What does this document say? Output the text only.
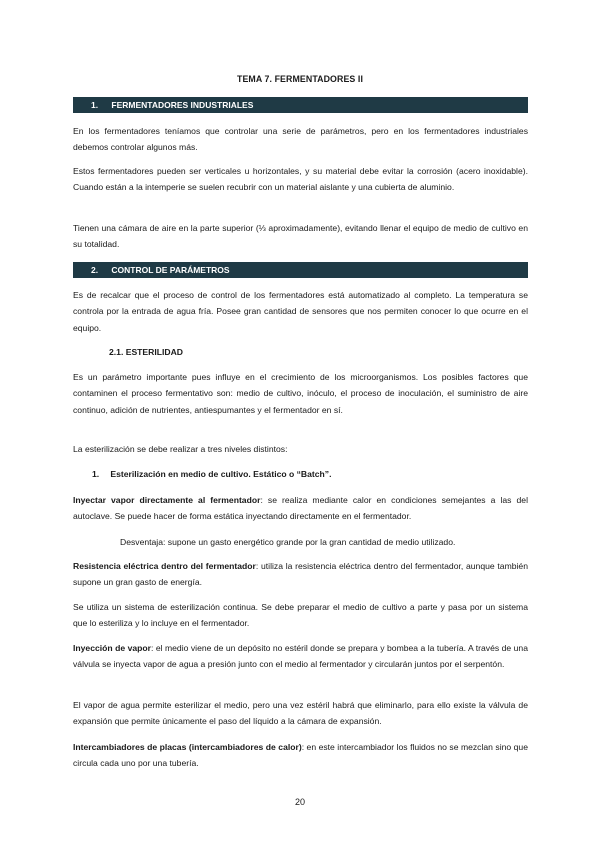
TEMA 7. FERMENTADORES II
1. FERMENTADORES INDUSTRIALES

En los fermentadores teníamos que controlar una serie de parámetros, pero en los fermentadores industriales debemos controlar algunos más.

Estos fermentadores pueden ser verticales u horizontales, y su material debe evitar la corrosión (acero inoxidable). Cuando están a la intemperie se suelen recubrir con un material aislante y una cubierta de aluminio.

Tienen una cámara de aire en la parte superior (⅓ aproximadamente), evitando llenar el equipo de medio de cultivo en su totalidad.

2. CONTROL DE PARÁMETROS

Es de recalcar que el proceso de control de los fermentadores está automatizado al completo. La temperatura se controla por la entrada de agua fría. Posee gran cantidad de sensores que nos permiten conocer lo que ocurre en el equipo.

2.1. ESTERILIDAD

Es un parámetro importante pues influye en el crecimiento de los microorganismos. Los posibles factores que contaminen el proceso fermentativo son: medio de cultivo, inóculo, el proceso de inoculación, el suministro de aire continuo, adición de nutrientes, antiespumantes y el fermentador en sí.

La esterilización se debe realizar a tres niveles distintos:

1. Esterilización en medio de cultivo. Estático o “Batch”.

Inyectar vapor directamente al fermentador: se realiza mediante calor en condiciones semejantes a las del autoclave. Se puede hacer de forma estática inyectando directamente en el fermentador.

Desventaja: supone un gasto energético grande por la gran cantidad de medio utilizado.

Resistencia eléctrica dentro del fermentador: utiliza la resistencia eléctrica dentro del fermentador, aunque también supone un gran gasto de energía.

Se utiliza un sistema de esterilización continua. Se debe preparar el medio de cultivo a parte y pasa por un sistema que lo esteriliza y lo incluye en el fermentador.

Inyección de vapor: el medio viene de un depósito no estéril donde se prepara y bombea a la tubería. A través de una válvula se inyecta vapor de agua a presión junto con el medio al fermentador y circularán juntos por el serpentón.

El vapor de agua permite esterilizar el medio, pero una vez estéril habrá que eliminarlo, para ello existe la válvula de expansión que permite únicamente el paso del líquido a la cámara de expansión.

Intercambiadores de placas (intercambiadores de calor): en este intercambiador los fluidos no se mezclan sino que circula cada uno por una tubería.

20
